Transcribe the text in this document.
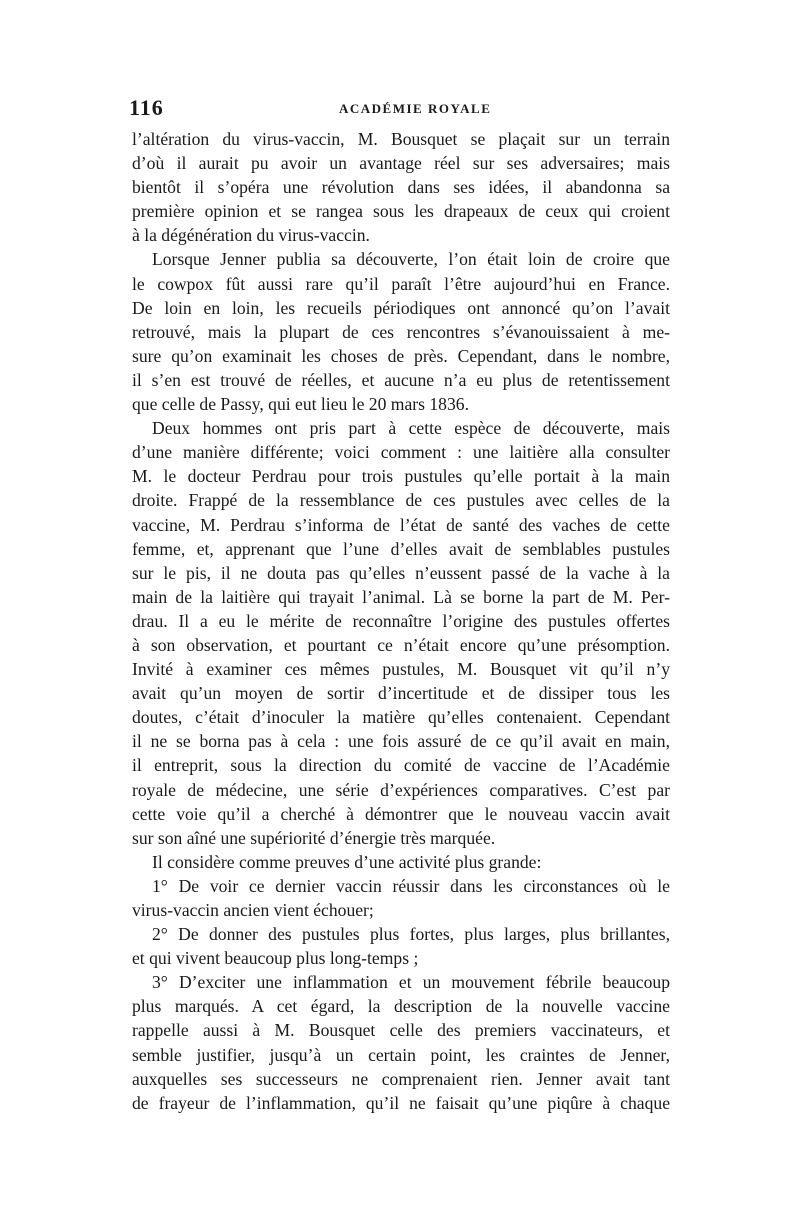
116	ACADÉMIE ROYALE
l’altération du virus-vaccin, M. Bousquet se plaçait sur un terrain
d’où il aurait pu avoir un avantage réel sur ses adversaires; mais
bientôt il s’opéra une révolution dans ses idées, il abandonna sa
première opinion et se rangea sous les drapeaux de ceux qui croient
à la dégénération du virus-vaccin.
Lorsque Jenner publia sa découverte, l’on était loin de croire que
le cowpox fût aussi rare qu’il paraît l’être aujourd’hui en France.
De loin en loin, les recueils périodiques ont annoncé qu’on l’avait
retrouvé, mais la plupart de ces rencontres s’évanouissaient à me-
sure qu’on examinait les choses de près. Cependant, dans le nombre,
il s’en est trouvé de réelles, et aucune n’a eu plus de retentissement
que celle de Passy, qui eut lieu le 20 mars 1836.
Deux hommes ont pris part à cette espèce de découverte, mais
d’une manière différente; voici comment : une laitière alla consulter
M. le docteur Perdrau pour trois pustules qu’elle portait à la main
droite. Frappé de la ressemblance de ces pustules avec celles de la
vaccine, M. Perdrau s’informa de l’état de santé des vaches de cette
femme, et, apprenant que l’une d’elles avait de semblables pustules
sur le pis, il ne douta pas qu’elles n’eussent passé de la vache à la
main de la laitière qui trayait l’animal. Là se borne la part de M. Per-
drau. Il a eu le mérite de reconnaître l’origine des pustules offertes
à son observation, et pourtant ce n’était encore qu’une présomption.
Invité à examiner ces mêmes pustules, M. Bousquet vit qu’il n’y
avait qu’un moyen de sortir d’incertitude et de dissiper tous les
doutes, c’était d’inoculer la matière qu’elles contenaient. Cependant
il ne se borna pas à cela : une fois assuré de ce qu’il avait en main,
il entreprit, sous la direction du comité de vaccine de l’Académie
royale de médecine, une série d’expériences comparatives. C’est par
cette voie qu’il a cherché à démontrer que le nouveau vaccin avait
sur son aîné une supériorité d’énergie très marquée.
Il considère comme preuves d’une activité plus grande:
1° De voir ce dernier vaccin réussir dans les circonstances où le
virus-vaccin ancien vient échouer;
2° De donner des pustules plus fortes, plus larges, plus brillantes,
et qui vivent beaucoup plus long-temps ;
3° D’exciter une inflammation et un mouvement fébrile beaucoup
plus marqués. A cet égard, la description de la nouvelle vaccine
rappelle aussi à M. Bousquet celle des premiers vaccinateurs, et
semble justifier, jusqu’à un certain point, les craintes de Jenner,
auxquelles ses successeurs ne comprenaient rien. Jenner avait tant
de frayeur de l’inflammation, qu’il ne faisait qu’une piqûre à chaque
